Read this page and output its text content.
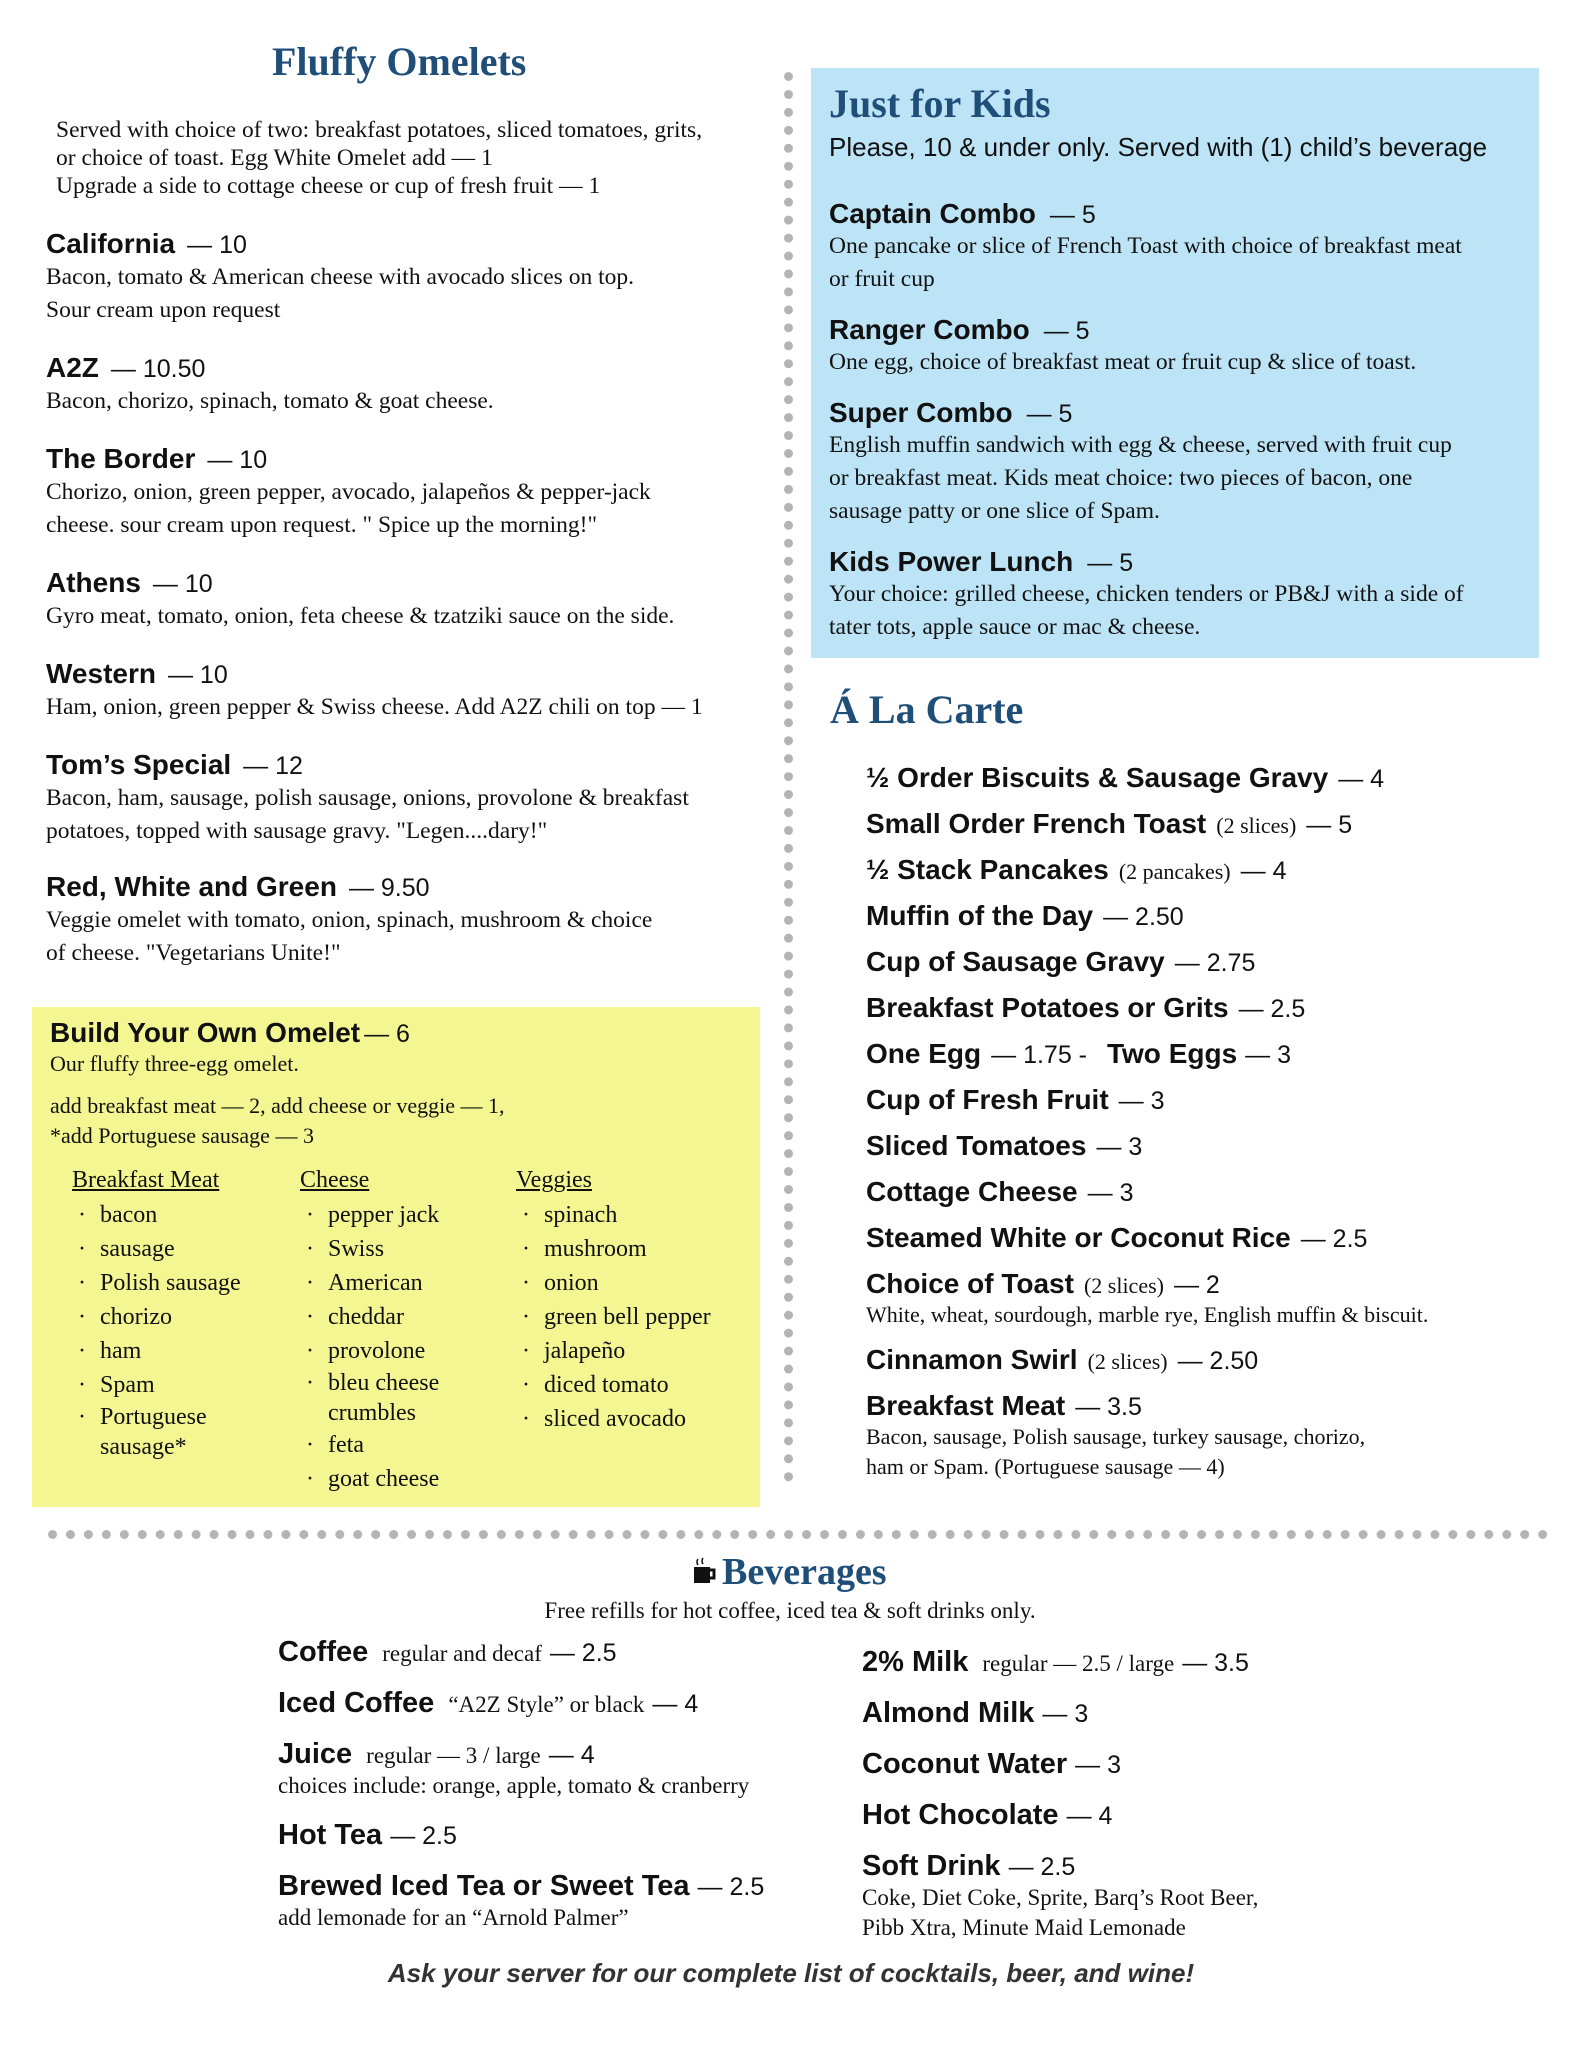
Fluffy Omelets
Served with choice of two: breakfast potatoes, sliced tomatoes, grits,
or choice of toast. Egg White Omelet add — 1
Upgrade a side to cottage cheese or cup of fresh fruit — 1
California — 10
Bacon, tomato & American cheese with avocado slices on top.
Sour cream upon request
A2Z — 10.50
Bacon, chorizo, spinach, tomato & goat cheese.
The Border — 10
Chorizo, onion, green pepper, avocado, jalapeños & pepper-jack
cheese. sour cream upon request. " Spice up the morning!"
Athens — 10
Gyro meat, tomato, onion, feta cheese & tzatziki sauce on the side.
Western — 10
Ham, onion, green pepper & Swiss cheese. Add A2Z chili on top — 1
Tom’s Special — 12
Bacon, ham, sausage, polish sausage, onions, provolone & breakfast
potatoes, topped with sausage gravy. "Legen....dary!"
Red, White and Green — 9.50
Veggie omelet with tomato, onion, spinach, mushroom & choice
of cheese. "Vegetarians Unite!"
Build Your Own Omelet — 6
Our fluffy three-egg omelet.
add breakfast meat — 2, add cheese or veggie — 1,
*add Portuguese sausage — 3
Breakfast Meat
· bacon
· sausage
· Polish sausage
· chorizo
· ham
· Spam
· Portuguese sausage*
Cheese
· pepper jack
· Swiss
· American
· cheddar
· provolone
· bleu cheese crumbles
· feta
· goat cheese
Veggies
· spinach
· mushroom
· onion
· green bell pepper
· jalapeño
· diced tomato
· sliced avocado
Just for Kids
Please, 10 & under only. Served with (1) child’s beverage
Captain Combo — 5
One pancake or slice of French Toast with choice of breakfast meat
or fruit cup
Ranger Combo — 5
One egg, choice of breakfast meat or fruit cup & slice of toast.
Super Combo — 5
English muffin sandwich with egg & cheese, served with fruit cup
or breakfast meat. Kids meat choice: two pieces of bacon, one
sausage patty or one slice of Spam.
Kids Power Lunch — 5
Your choice: grilled cheese, chicken tenders or PB&J with a side of
tater tots, apple sauce or mac & cheese.
Á La Carte
½ Order Biscuits & Sausage Gravy — 4
Small Order French Toast (2 slices) — 5
½ Stack Pancakes (2 pancakes) — 4
Muffin of the Day — 2.50
Cup of Sausage Gravy — 2.75
Breakfast Potatoes or Grits — 2.5
One Egg — 1.75 - Two Eggs — 3
Cup of Fresh Fruit — 3
Sliced Tomatoes — 3
Cottage Cheese — 3
Steamed White or Coconut Rice — 2.5
Choice of Toast (2 slices) — 2
White, wheat, sourdough, marble rye, English muffin & biscuit.
Cinnamon Swirl (2 slices) — 2.50
Breakfast Meat — 3.5
Bacon, sausage, Polish sausage, turkey sausage, chorizo,
ham or Spam. (Portuguese sausage — 4)
Beverages
Free refills for hot coffee, iced tea & soft drinks only.
Coffee regular and decaf — 2.5
Iced Coffee “A2Z Style” or black — 4
Juice regular — 3 / large — 4
choices include: orange, apple, tomato & cranberry
Hot Tea — 2.5
Brewed Iced Tea or Sweet Tea — 2.5
add lemonade for an “Arnold Palmer”
2% Milk regular — 2.5 / large — 3.5
Almond Milk — 3
Coconut Water — 3
Hot Chocolate — 4
Soft Drink — 2.5
Coke, Diet Coke, Sprite, Barq’s Root Beer,
Pibb Xtra, Minute Maid Lemonade
Ask your server for our complete list of cocktails, beer, and wine!
